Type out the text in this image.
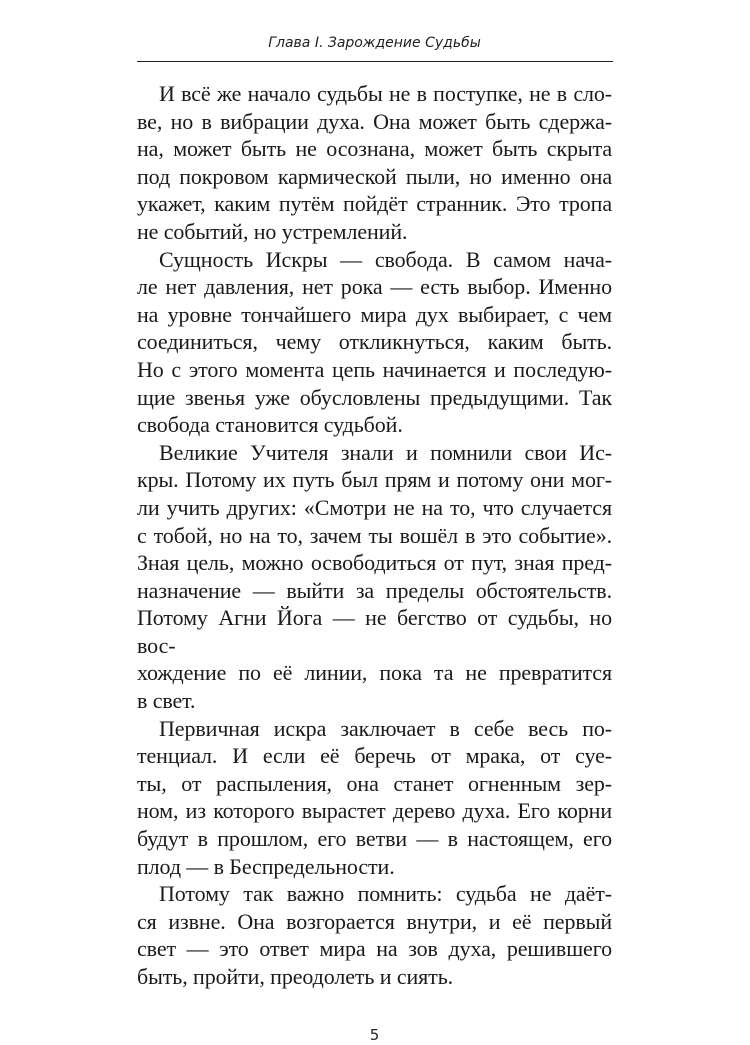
Глава I. Зарождение Судьбы
И всё же начало судьбы не в поступке, не в сло-
ве, но в вибрации духа. Она может быть сдержа-
на, может быть не осознана, может быть скрыта
под покровом кармической пыли, но именно она
укажет, каким путём пойдёт странник. Это тропа
не событий, но устремлений.
Сущность Искры — свобода. В самом нача-
ле нет давления, нет рока — есть выбор. Именно
на уровне тончайшего мира дух выбирает, с чем
соединиться, чему откликнуться, каким быть.
Но с этого момента цепь начинается и последую-
щие звенья уже обусловлены предыдущими. Так
свобода становится судьбой.
Великие Учителя знали и помнили свои Ис-
кры. Потому их путь был прям и потому они мог-
ли учить других: «Смотри не на то, что случается
с тобой, но на то, зачем ты вошёл в это событие».
Зная цель, можно освободиться от пут, зная пред-
назначение — выйти за пределы обстоятельств.
Потому Агни Йога — не бегство от судьбы, но вос-
хождение по её линии, пока та не превратится
в свет.
Первичная искра заключает в себе весь по-
тенциал. И если её беречь от мрака, от суе-
ты, от распыления, она станет огненным зер-
ном, из которого вырастет дерево духа. Его корни
будут в прошлом, его ветви — в настоящем, его
плод — в Беспредельности.
Потому так важно помнить: судьба не даёт-
ся извне. Она возгорается внутри, и её первый
свет — это ответ мира на зов духа, решившего
быть, пройти, преодолеть и сиять.
5
